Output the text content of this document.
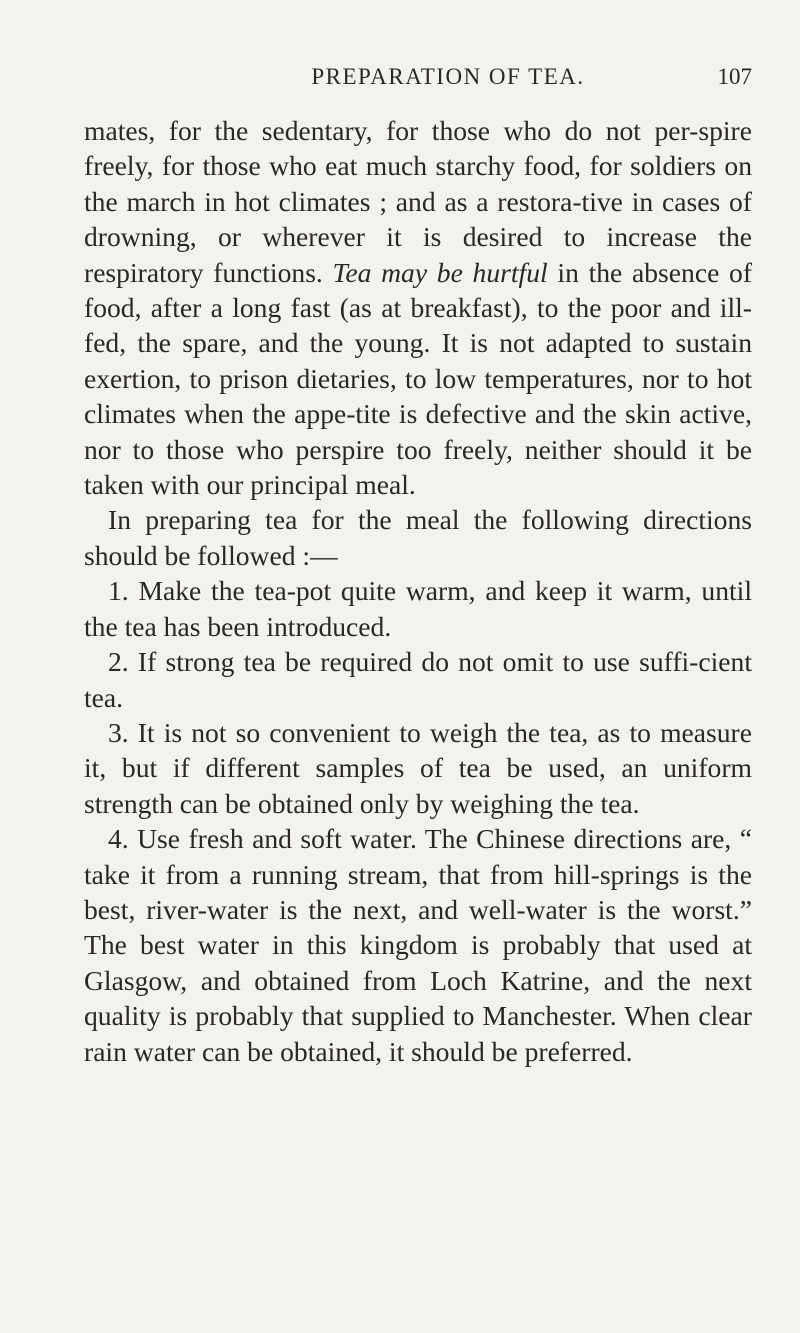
PREPARATION OF TEA.	107

mates, for the sedentary, for those who do not per-spire freely, for those who eat much starchy food, for soldiers on the march in hot climates ; and as a restora-tive in cases of drowning, or wherever it is desired to increase the respiratory functions. Tea may be hurtful in the absence of food, after a long fast (as at breakfast), to the poor and ill-fed, the spare, and the young. It is not adapted to sustain exertion, to prison dietaries, to low temperatures, nor to hot climates when the appe-tite is defective and the skin active, nor to those who perspire too freely, neither should it be taken with our principal meal.

In preparing tea for the meal the following directions should be followed :—

1. Make the tea-pot quite warm, and keep it warm, until the tea has been introduced.

2. If strong tea be required do not omit to use suffi-cient tea.

3. It is not so convenient to weigh the tea, as to measure it, but if different samples of tea be used, an uniform strength can be obtained only by weighing the tea.

4. Use fresh and soft water. The Chinese directions are, “ take it from a running stream, that from hill-springs is the best, river-water is the next, and well-water is the worst.” The best water in this kingdom is probably that used at Glasgow, and obtained from Loch Katrine, and the next quality is probably that supplied to Manchester. When clear rain water can be obtained, it should be preferred.
